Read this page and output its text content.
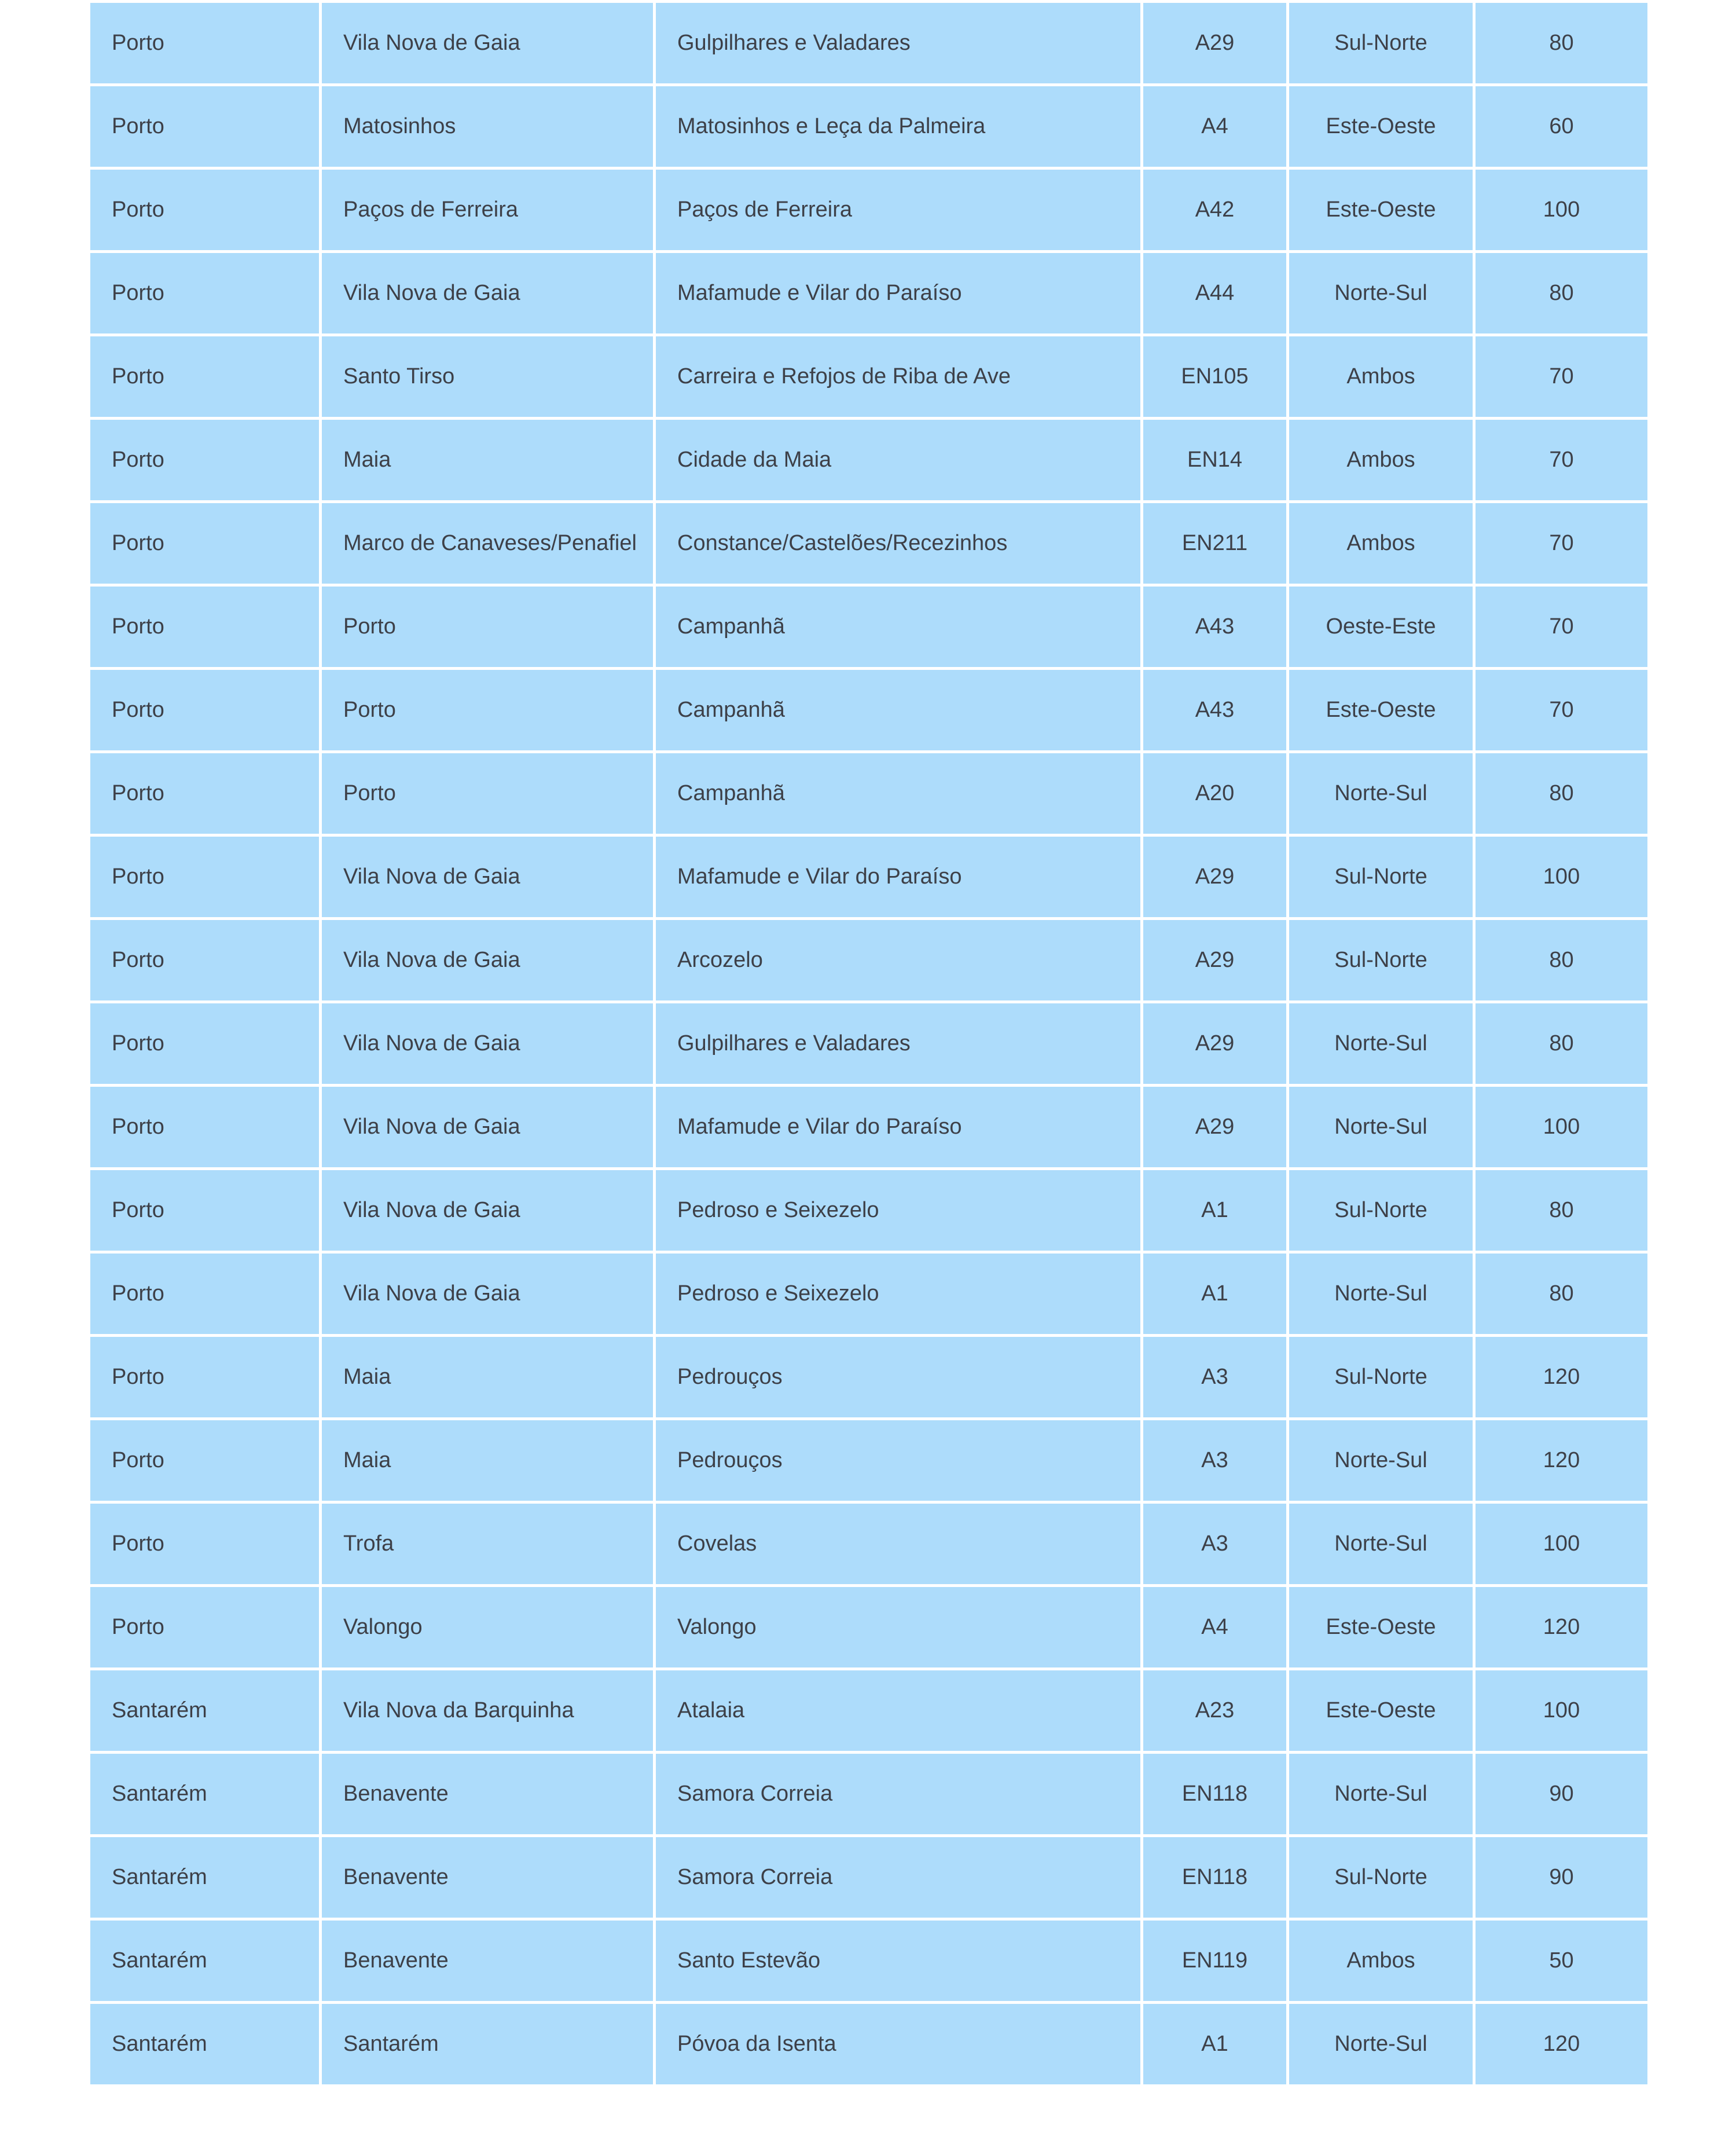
Porto	Vila Nova de Gaia	Gulpilhares e Valadares	A29	Sul-Norte	80
Porto	Matosinhos	Matosinhos e Leça da Palmeira	A4	Este-Oeste	60
Porto	Paços de Ferreira	Paços de Ferreira	A42	Este-Oeste	100
Porto	Vila Nova de Gaia	Mafamude e Vilar do Paraíso	A44	Norte-Sul	80
Porto	Santo Tirso	Carreira e Refojos de Riba de Ave	EN105	Ambos	70
Porto	Maia	Cidade da Maia	EN14	Ambos	70
Porto	Marco de Canaveses/Penafiel	Constance/Castelões/Recezinhos	EN211	Ambos	70
Porto	Porto	Campanhã	A43	Oeste-Este	70
Porto	Porto	Campanhã	A43	Este-Oeste	70
Porto	Porto	Campanhã	A20	Norte-Sul	80
Porto	Vila Nova de Gaia	Mafamude e Vilar do Paraíso	A29	Sul-Norte	100
Porto	Vila Nova de Gaia	Arcozelo	A29	Sul-Norte	80
Porto	Vila Nova de Gaia	Gulpilhares e Valadares	A29	Norte-Sul	80
Porto	Vila Nova de Gaia	Mafamude e Vilar do Paraíso	A29	Norte-Sul	100
Porto	Vila Nova de Gaia	Pedroso e Seixezelo	A1	Sul-Norte	80
Porto	Vila Nova de Gaia	Pedroso e Seixezelo	A1	Norte-Sul	80
Porto	Maia	Pedrouços	A3	Sul-Norte	120
Porto	Maia	Pedrouços	A3	Norte-Sul	120
Porto	Trofa	Covelas	A3	Norte-Sul	100
Porto	Valongo	Valongo	A4	Este-Oeste	120
Santarém	Vila Nova da Barquinha	Atalaia	A23	Este-Oeste	100
Santarém	Benavente	Samora Correia	EN118	Norte-Sul	90
Santarém	Benavente	Samora Correia	EN118	Sul-Norte	90
Santarém	Benavente	Santo Estevão	EN119	Ambos	50
Santarém	Santarém	Póvoa da Isenta	A1	Norte-Sul	120
